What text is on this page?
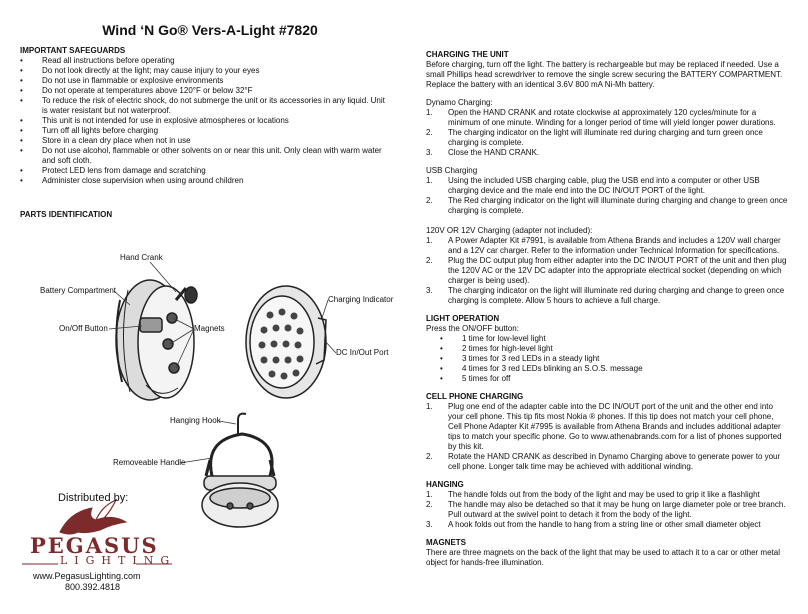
Wind ‘N Go® Vers-A-Light #7820

IMPORTANT SAFEGUARDS

• Read all instructions before operating
• Do not look directly at the light; may cause injury to your eyes
• Do not use in flammable or explosive environments
• Do not operate at temperatures above 120°F or below 32°F
• To reduce the risk of electric shock, do not submerge the unit or its accessories in any liquid. Unit is water resistant but not waterproof.
• This unit is not intended for use in explosive atmospheres or locations
• Turn off all lights before charging
• Store in a clean dry place when not in use
• Do not use alcohol, flammable or other solvents on or near this unit. Only clean with warm water and soft cloth.
• Protect LED lens from damage and scratching
• Administer close supervision when using around children
PARTS IDENTIFICATION
Hand Crank
Battery Compartment
On/Off Button	Magnets
Charging Indicator
DC In/Out Port
Hanging Hook
Removeable Handle
Distributed by:
PEGASUS
LIGHTING
www.PegasusLighting.com
800.392.4818

CHARGING THE UNIT

Before charging, turn off the light. The battery is rechargeable but may be replaced if needed. Use a small Phillips head screwdriver to remove the single screw securing the BATTERY COMPARTMENT. Replace the battery with an identical 3.6V 800 mA Ni-Mh battery.

Dynamo Charging:

1. Open the HAND CRANK and rotate clockwise at approximately 120 cycles/minute for a minimum of one minute. Winding for a longer period of time will yield longer power durations.
2. The charging indicator on the light will illuminate red during charging and turn green once charging is complete.
3. Close the HAND CRANK.

USB Charging

1. Using the included USB charging cable, plug the USB end into a computer or other USB charging device and the male end into the DC IN/OUT PORT of the light.
2. The Red charging indicator on the light will illuminate during charging and change to green once charging is complete.

120V OR 12V Charging (adapter not included):

1. A Power Adapter Kit #7991, is available from Athena Brands and includes a 120V wall charger and a 12V car charger. Refer to the information under Technical Information for specifications.
2. Plug the DC output plug from either adapter into the DC IN/OUT PORT of the unit and then plug the 120V AC or the 12V DC adapter into the appropriate electrical socket (depending on which charger is being used).
3. The charging indicator on the light will illuminate red during charging and change to green once charging is complete. Allow 5 hours to achieve a full charge.

LIGHT OPERATION

Press the ON/OFF button:

• 1 time for low-level light
• 2 times for high-level light
• 3 times for 3 red LEDs in a steady light
• 4 times for 3 red LEDs blinking an S.O.S. message
• 5 times for off

CELL PHONE CHARGING

1. Plug one end of the adapter cable into the DC IN/OUT port of the unit and the other end into your cell phone. This tip fits most Nokia ® phones. If this tip does not match your cell phone, Cell Phone Adapter Kit #7995 is available from Athena Brands and includes additional adapter tips to match your specific phone. Go to www.athenabrands.com for a list of phones supported by this kit.
2. Rotate the HAND CRANK as described in Dynamo Charging above to generate power to your cell phone. Longer talk time may be achieved with additional winding.

HANGING

1. The handle folds out from the body of the light and may be used to grip it like a flashlight
2. The handle may also be detached so that it may be hung on large diameter pole or tree branch. Pull outward at the swivel point to detach it from the body of the light.
3. A hook folds out from the handle to hang from a string line or other small diameter object

MAGNETS

There are three magnets on the back of the light that may be used to attach it to a car or other metal object for hands-free illumination.
